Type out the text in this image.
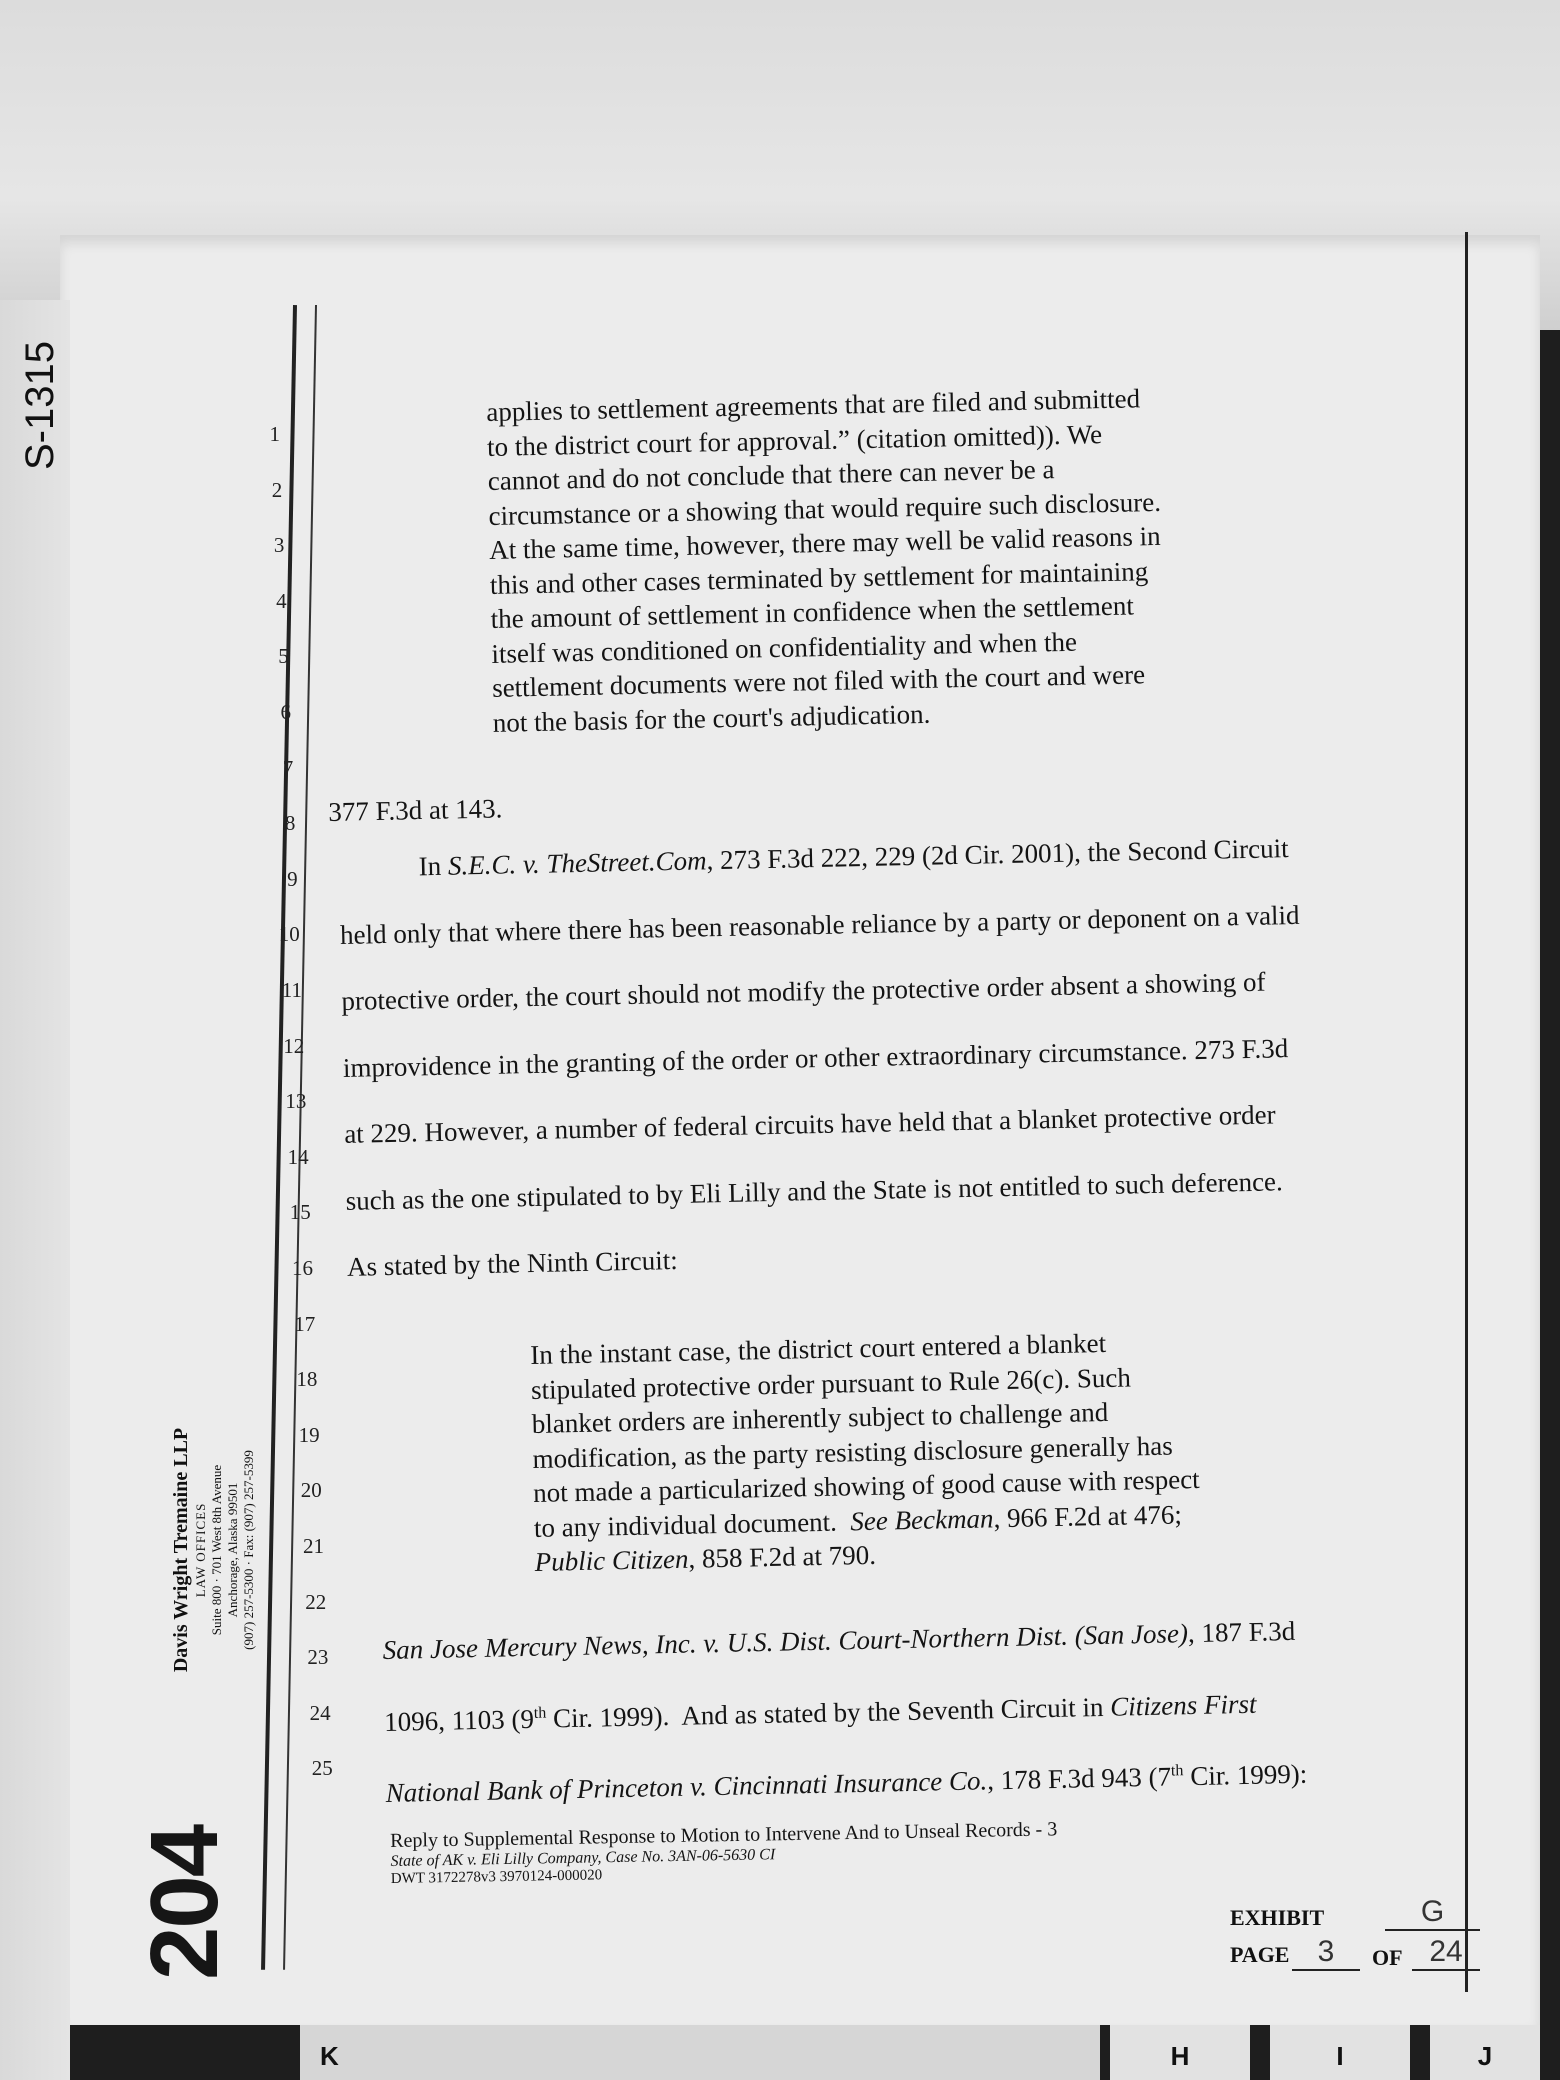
S-1315
204
1
2
3
4
5
6
7
8
9
10
11
12
13
14
15
16
17
18
19
20
21
22
23
24
25
Davis Wright Tremaine LLP LAW OFFICES Suite 800 · 701 West 8th Avenue Anchorage, Alaska 99501 (907) 257-5300 · Fax: (907) 257-5399
applies to settlement agreements that are filed and submitted
to the district court for approval.” (citation omitted)). We
cannot and do not conclude that there can never be a
circumstance or a showing that would require such disclosure.
At the same time, however, there may well be valid reasons in
this and other cases terminated by settlement for maintaining
the amount of settlement in confidence when the settlement
itself was conditioned on confidentiality and when the
settlement documents were not filed with the court and were
not the basis for the court's adjudication.
377 F.3d at 143.
In S.E.C. v. TheStreet.Com, 273 F.3d 222, 229 (2d Cir. 2001), the Second Circuit
held only that where there has been reasonable reliance by a party or deponent on a valid
protective order, the court should not modify the protective order absent a showing of
improvidence in the granting of the order or other extraordinary circumstance. 273 F.3d
at 229. However, a number of federal circuits have held that a blanket protective order
such as the one stipulated to by Eli Lilly and the State is not entitled to such deference.
As stated by the Ninth Circuit:
In the instant case, the district court entered a blanket
stipulated protective order pursuant to Rule 26(c). Such
blanket orders are inherently subject to challenge and
modification, as the party resisting disclosure generally has
not made a particularized showing of good cause with respect
to any individual document.  See Beckman, 966 F.2d at 476;
Public Citizen, 858 F.2d at 790.
San Jose Mercury News, Inc. v. U.S. Dist. Court-Northern Dist. (San Jose), 187 F.3d
1096, 1103 (9th Cir. 1999).  And as stated by the Seventh Circuit in Citizens First
National Bank of Princeton v. Cincinnati Insurance Co., 178 F.3d 943 (7th Cir. 1999):
Reply to Supplemental Response to Motion to Intervene And to Unseal Records - 3
State of AK v. Eli Lilly Company, Case No. 3AN-06-5630 CI
DWT 3172278v3 3970124-000020
EXHIBIT	G
PAGE 3	OF 24
K	H	I	J
